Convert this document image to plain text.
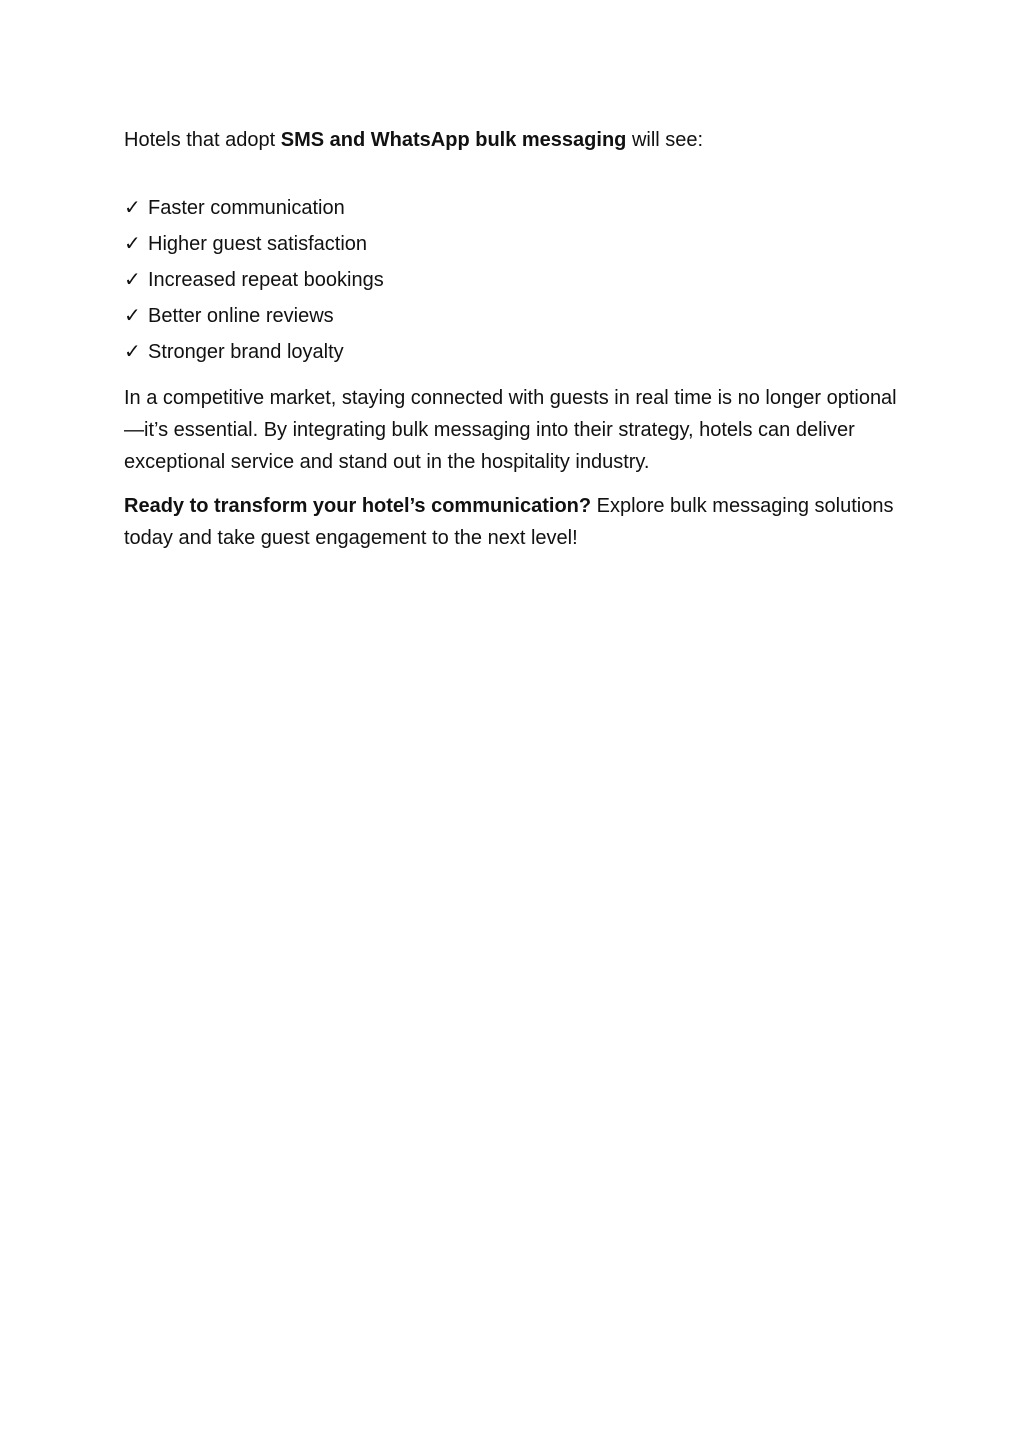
Hotels that adopt SMS and WhatsApp bulk messaging will see:

✓ Faster communication
✓ Higher guest satisfaction
✓ Increased repeat bookings
✓ Better online reviews
✓ Stronger brand loyalty

In a competitive market, staying connected with guests in real time is no longer optional—it’s essential. By integrating bulk messaging into their strategy, hotels can deliver exceptional service and stand out in the hospitality industry.

Ready to transform your hotel’s communication? Explore bulk messaging solutions today and take guest engagement to the next level!
